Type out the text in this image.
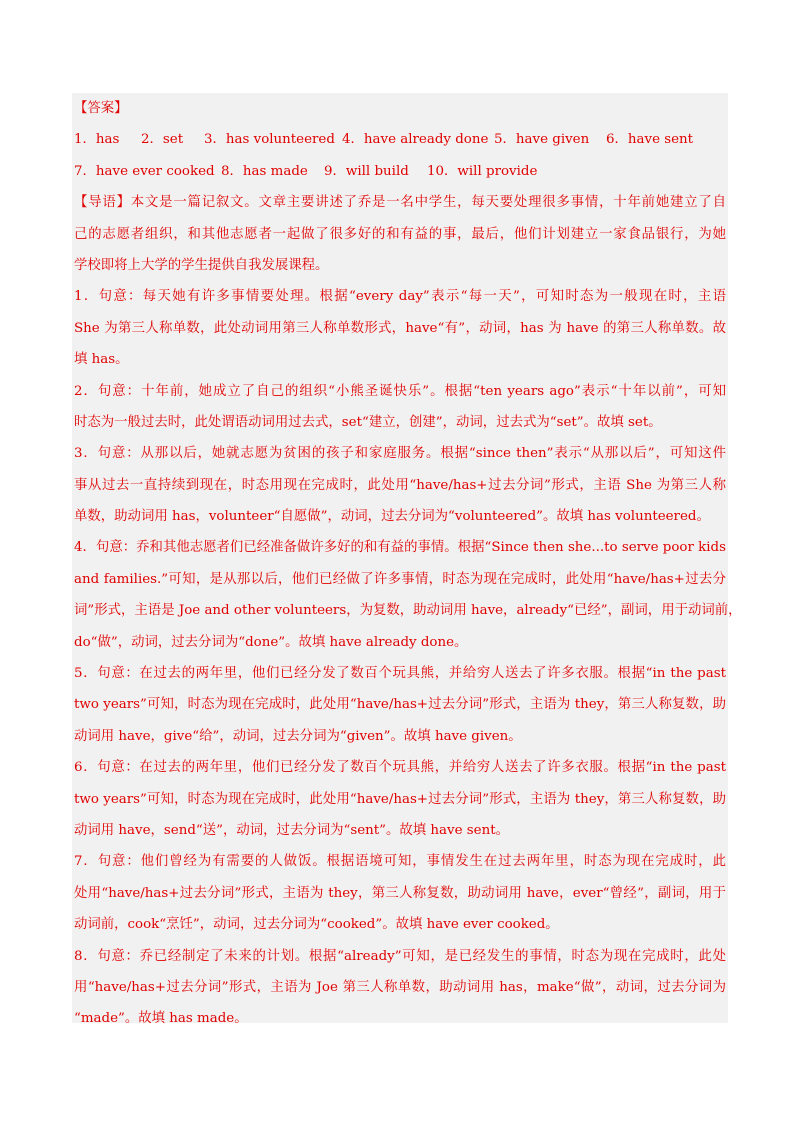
【答案】
1．has 2．set 3．has volunteered 4．have already done 5．have given 6．have sent
7．have ever cooked 8．has made 9．will build 10．will provide
【导语】本文是一篇记叙文。文章主要讲述了乔是一名中学生，每天要处理很多事情，十年前她建立了自
己的志愿者组织，和其他志愿者一起做了很多好的和有益的事，最后，他们计划建立一家食品银行，为她
学校即将上大学的学生提供自我发展课程。
1．句意：每天她有许多事情要处理。根据“every day”表示“每一天”，可知时态为一般现在时，主语
She 为第三人称单数，此处动词用第三人称单数形式，have“有”，动词，has 为 have 的第三人称单数。故
填 has。
2．句意：十年前，她成立了自己的组织“小熊圣诞快乐”。根据“ten years ago”表示“十年以前”，可知
时态为一般过去时，此处谓语动词用过去式，set“建立，创建”，动词，过去式为“set”。故填 set。
3．句意：从那以后，她就志愿为贫困的孩子和家庭服务。根据“since then”表示“从那以后”，可知这件
事从过去一直持续到现在，时态用现在完成时，此处用“have/has+过去分词”形式，主语 She 为第三人称
单数，助动词用 has，volunteer“自愿做”，动词，过去分词为“volunteered”。故填 has volunteered。
4．句意：乔和其他志愿者们已经准备做许多好的和有益的事情。根据“Since then she...to serve poor kids
and families.”可知，是从那以后，他们已经做了许多事情，时态为现在完成时，此处用“have/has+过去分
词”形式，主语是 Joe and other volunteers，为复数，助动词用 have，already“已经”，副词，用于动词前，
do“做”，动词，过去分词为“done”。故填 have already done。
5．句意：在过去的两年里，他们已经分发了数百个玩具熊，并给穷人送去了许多衣服。根据“in the past
two years”可知，时态为现在完成时，此处用“have/has+过去分词”形式，主语为 they，第三人称复数，助
动词用 have，give“给”，动词，过去分词为“given”。故填 have given。
6．句意：在过去的两年里，他们已经分发了数百个玩具熊，并给穷人送去了许多衣服。根据“in the past
two years”可知，时态为现在完成时，此处用“have/has+过去分词”形式，主语为 they，第三人称复数，助
动词用 have，send“送”，动词，过去分词为“sent”。故填 have sent。
7．句意：他们曾经为有需要的人做饭。根据语境可知，事情发生在过去两年里，时态为现在完成时，此
处用“have/has+过去分词”形式，主语为 they，第三人称复数，助动词用 have，ever“曾经”，副词，用于
动词前，cook“烹饪”，动词，过去分词为“cooked”。故填 have ever cooked。
8．句意：乔已经制定了未来的计划。根据“already”可知，是已经发生的事情，时态为现在完成时，此处
用“have/has+过去分词”形式，主语为 Joe 第三人称单数，助动词用 has，make“做”，动词，过去分词为
“made”。故填 has made。
